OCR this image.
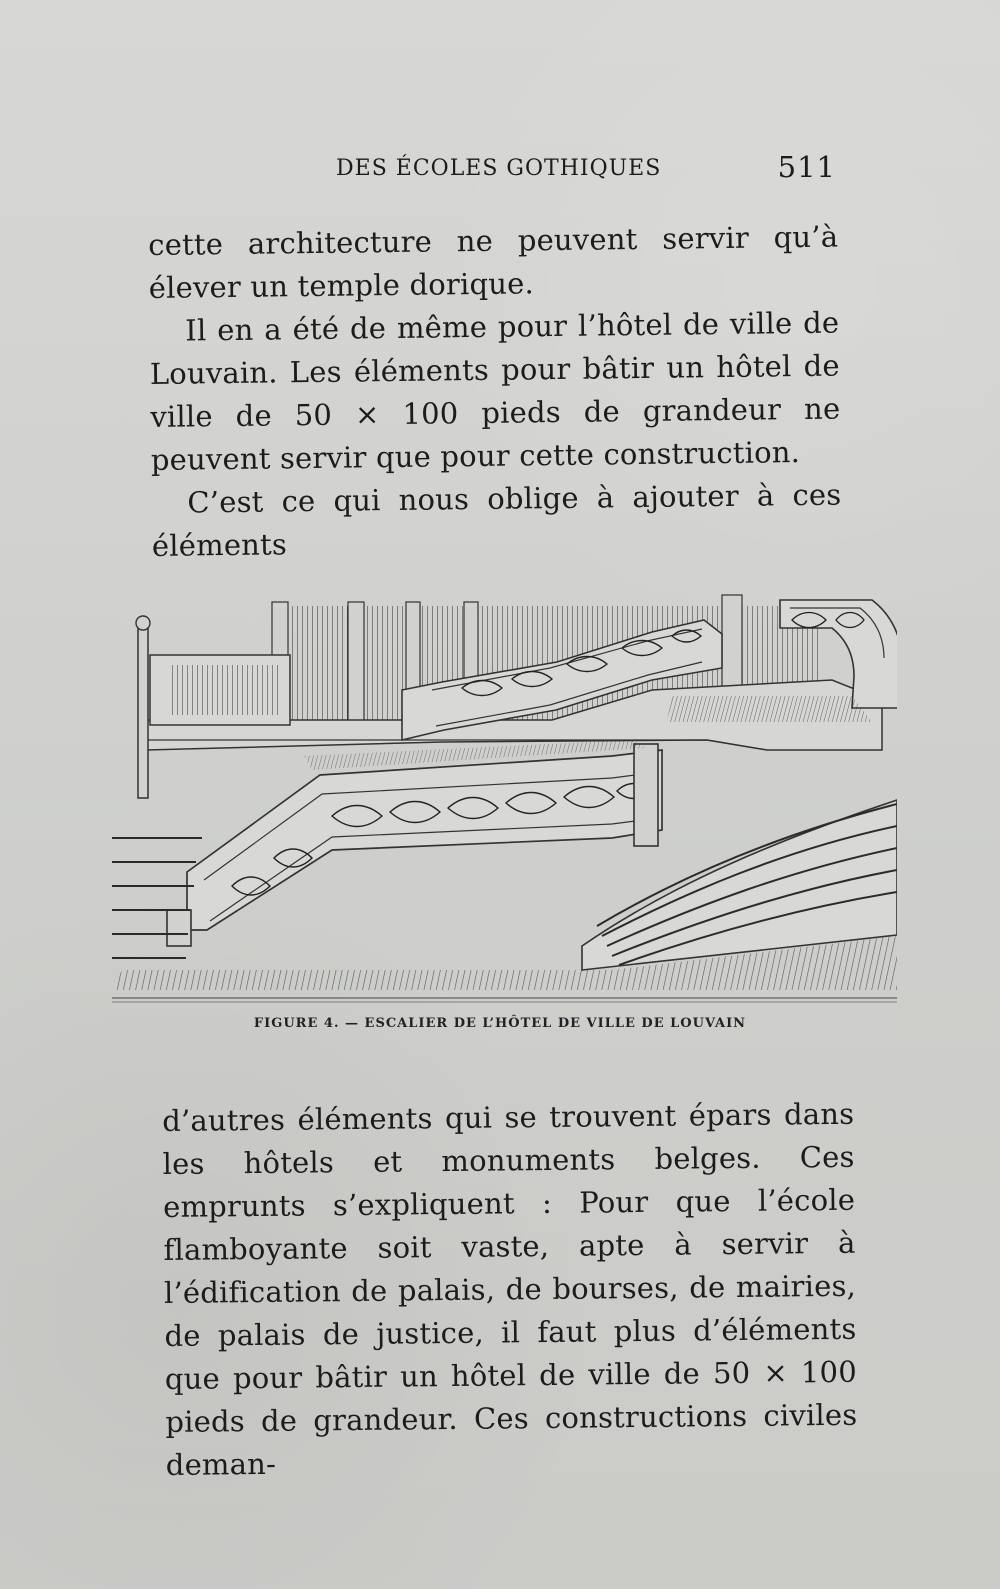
DES ÉCOLES GOTHIQUES	511

cette architecture ne peuvent servir qu’à élever un temple dorique.

Il en a été de même pour l’hôtel de ville de Louvain. Les éléments pour bâtir un hôtel de ville de 50 × 100 pieds de grandeur ne peuvent servir que pour cette construction.

C’est ce qui nous oblige à ajouter à ces éléments

FIGURE 4. — ESCALIER DE L’HÔTEL DE VILLE DE LOUVAIN

d’autres éléments qui se trouvent épars dans les hôtels et monuments belges. Ces emprunts s’expliquent : Pour que l’école flamboyante soit vaste, apte à servir à l’édification de palais, de bourses, de mairies, de palais de justice, il faut plus d’éléments que pour bâtir un hôtel de ville de 50 × 100 pieds de grandeur. Ces constructions civiles deman-
